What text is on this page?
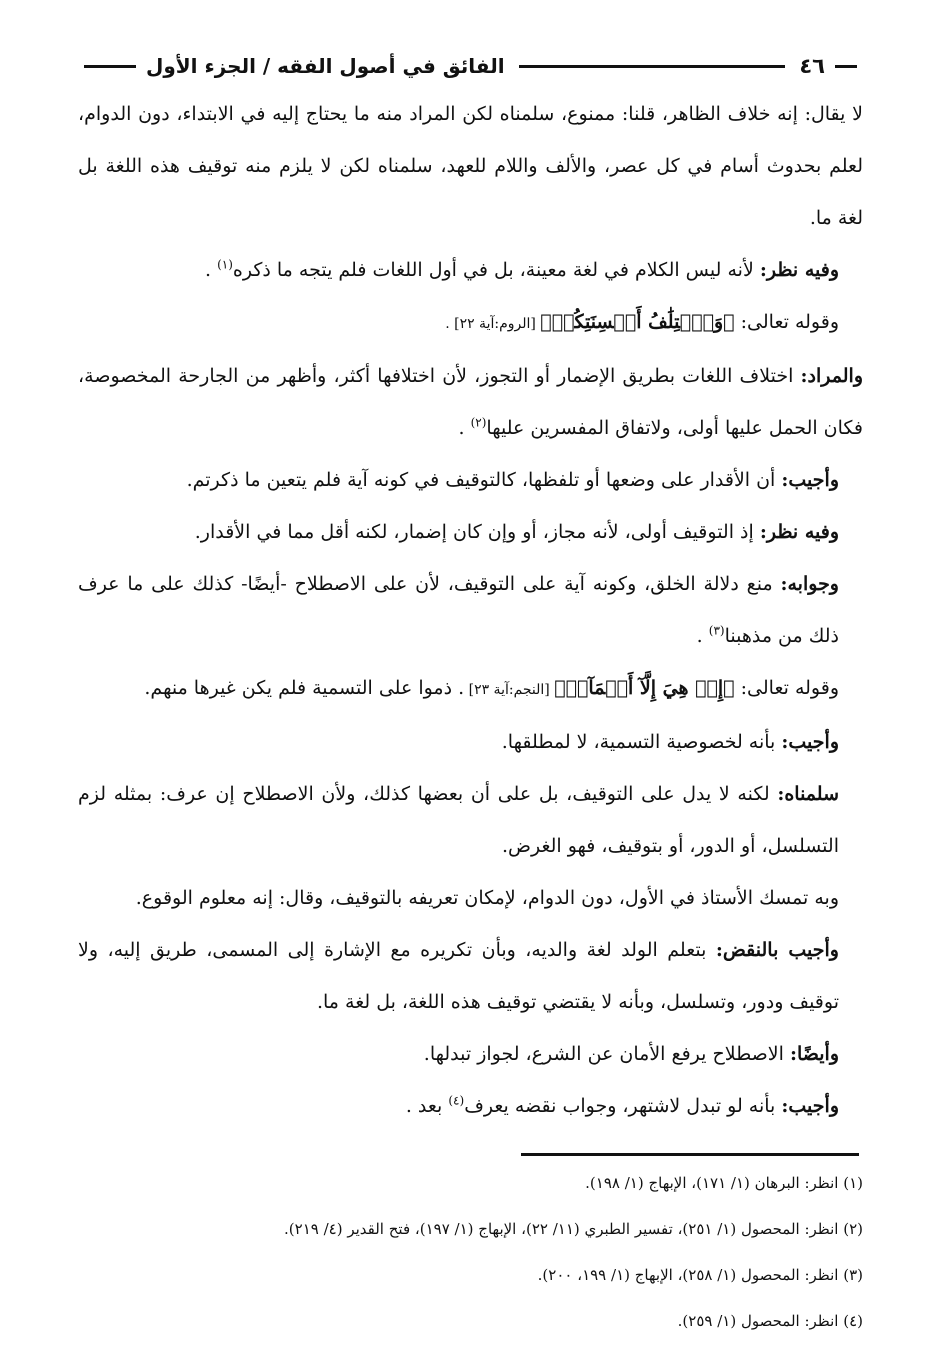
٤٦
الفائق في أصول الفقه / الجزء الأول

لا يقال: إنه خلاف الظاهر، قلنا: ممنوع، سلمناه لكن المراد منه ما يحتاج إليه في الابتداء، دون الدوام، لعلم بحدوث أسام في كل عصر، والألف واللام للعهد، سلمناه لكن لا يلزم منه توقيف هذه اللغة بل لغة ما.

وفيه نظر: لأنه ليس الكلام في لغة معينة، بل في أول اللغات فلم يتجه ما ذكره$^{(١)}$ .

وقوله تعالى: ﴿وَٱخۡتِلَٰفُ أَلۡسِنَتِكُمۡ﴾ [الروم:آية ٢٢] .

والمراد: اختلاف اللغات بطريق الإضمار أو التجوز، لأن اختلافها أكثر، وأظهر من الجارحة المخصوصة، فكان الحمل عليها أولى، ولاتفاق المفسرين عليها$^{(٢)}$ .

وأجيب: أن الأقدار على وضعها أو تلفظها، كالتوقيف في كونه آية فلم يتعين ما ذكرتم.

وفيه نظر: إذ التوقيف أولى، لأنه مجاز، أو وإن كان إضمار، لكنه أقل مما في الأقدار.

وجوابه: منع دلالة الخلق، وكونه آية على التوقيف، لأن على الاصطلاح -أيضًا- كذلك على ما عرف ذلك من مذهبنا$^{(٣)}$ .

وقوله تعالى: ﴿إِنۡ هِيَ إِلَّآ أَسۡمَآءٞ﴾ [النجم:آية ٢٣] . ذموا على التسمية فلم يكن غيرها منهم.

وأجيب: بأنه لخصوصية التسمية، لا لمطلقها.

سلمناه: لكنه لا يدل على التوقيف، بل على أن بعضها كذلك، ولأن الاصطلاح إن عرف: بمثله لزم التسلسل، أو الدور، أو بتوقيف، فهو الغرض.

وبه تمسك الأستاذ في الأول، دون الدوام، لإمكان تعريفه بالتوقيف، وقال: إنه معلوم الوقوع.

وأجيب بالنقض: بتعلم الولد لغة والديه، وبأن تكريره مع الإشارة إلى المسمى، طريق إليه، ولا توقيف ودور، وتسلسل، وبأنه لا يقتضي توقيف هذه اللغة، بل لغة ما.

وأيضًا: الاصطلاح يرفع الأمان عن الشرع، لجواز تبدلها.

وأجيب: بأنه لو تبدل لاشتهر، وجواب نقضه يعرف$^{(٤)}$ بعد .

(١) انظر: البرهان (١/ ١٧١)، الإبهاج (١/ ١٩٨).
(٢) انظر: المحصول (١/ ٢٥١)، تفسير الطبري (١١/ ٢٢)، الإبهاج (١/ ١٩٧)، فتح القدير (٤/ ٢١٩).
(٣) انظر: المحصول (١/ ٢٥٨)، الإبهاج (١/ ١٩٩، ٢٠٠).
(٤) انظر: المحصول (١/ ٢٥٩).
